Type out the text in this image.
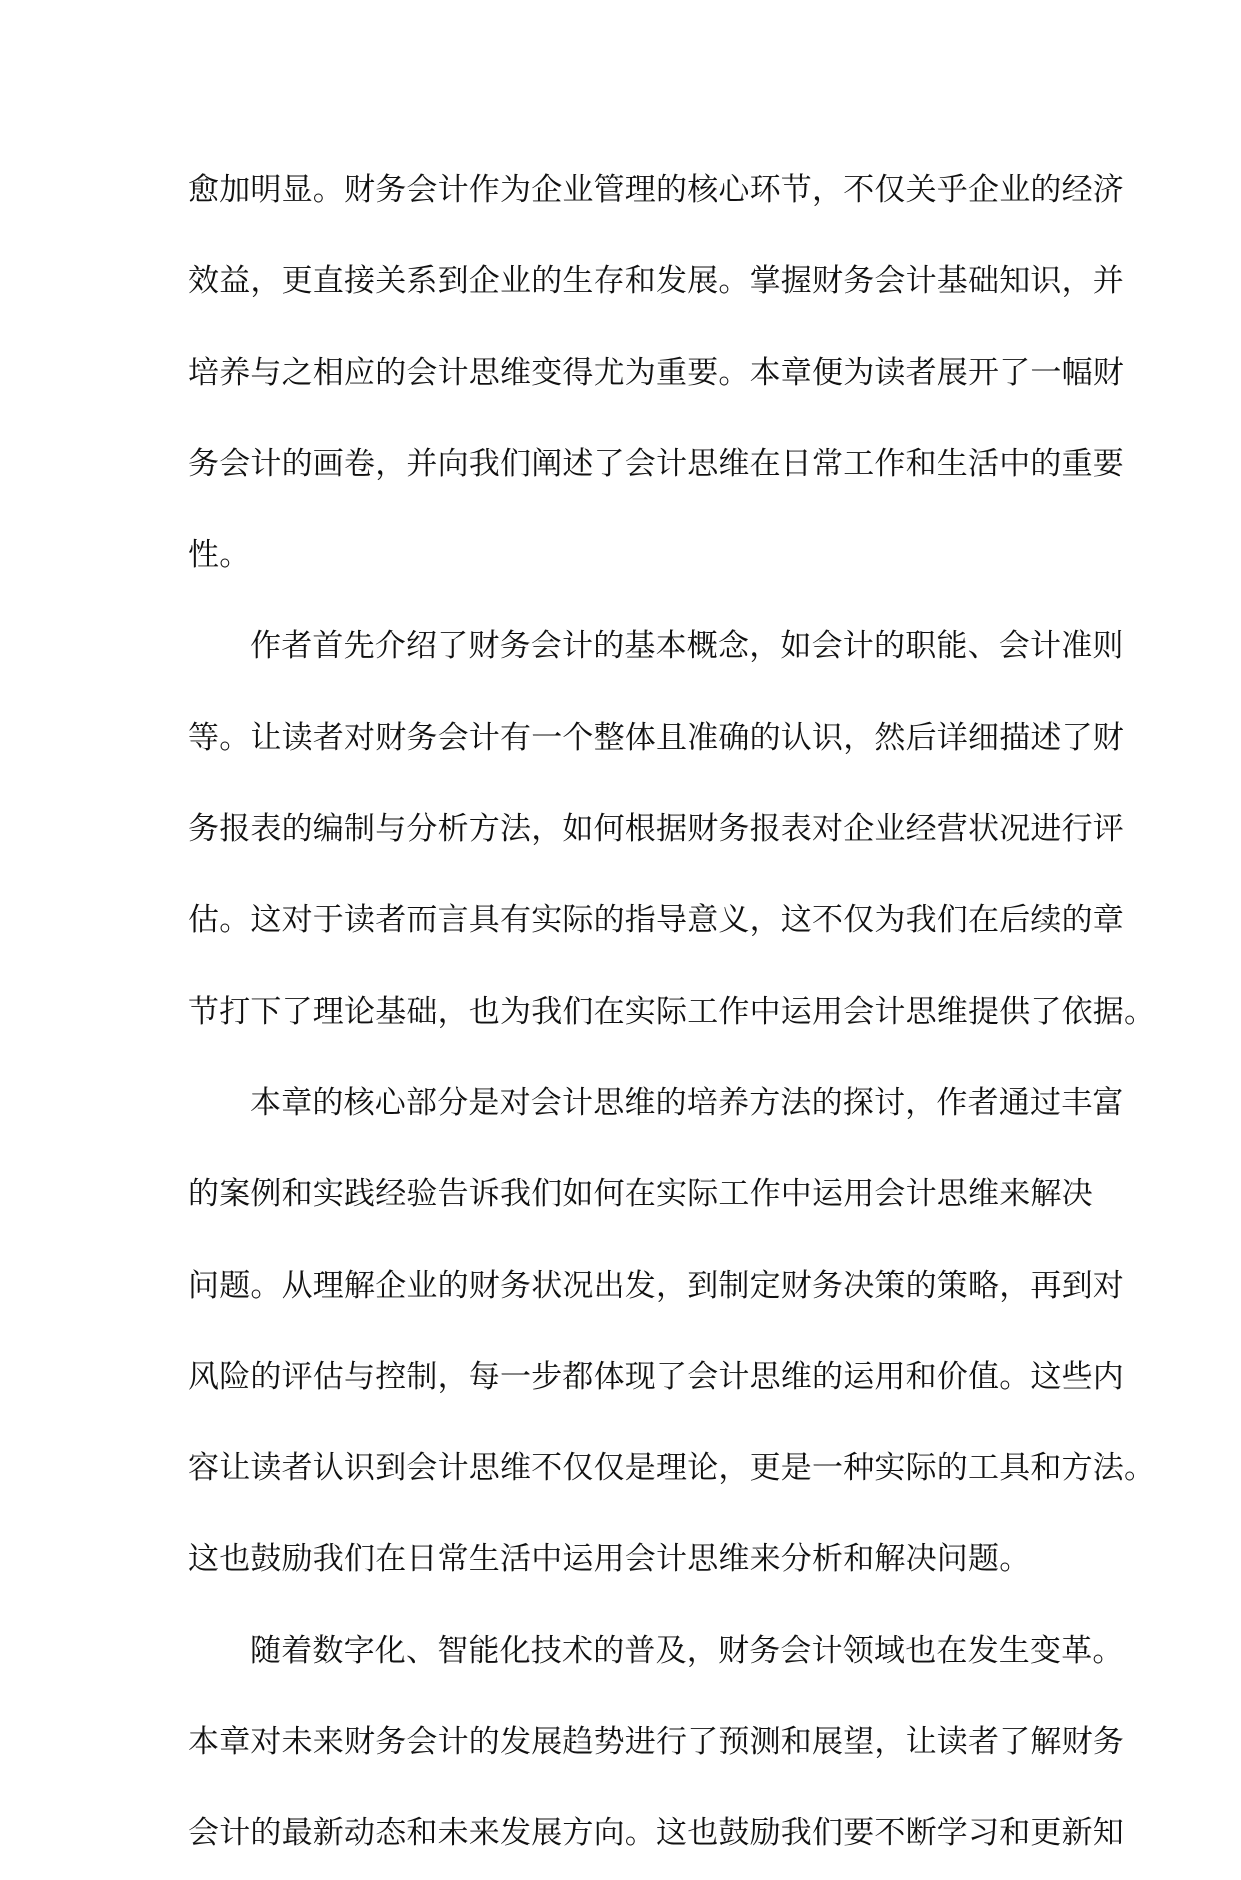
愈加明显。财务会计作为企业管理的核心环节，不仅关乎企业的经济
效益，更直接关系到企业的生存和发展。掌握财务会计基础知识，并
培养与之相应的会计思维变得尤为重要。本章便为读者展开了一幅财
务会计的画卷，并向我们阐述了会计思维在日常工作和生活中的重要
性。
作者首先介绍了财务会计的基本概念，如会计的职能、会计准则
等。让读者对财务会计有一个整体且准确的认识，然后详细描述了财
务报表的编制与分析方法，如何根据财务报表对企业经营状况进行评
估。这对于读者而言具有实际的指导意义，这不仅为我们在后续的章
节打下了理论基础，也为我们在实际工作中运用会计思维提供了依据。
本章的核心部分是对会计思维的培养方法的探讨，作者通过丰富
的案例和实践经验告诉我们如何在实际工作中运用会计思维来解决
问题。从理解企业的财务状况出发，到制定财务决策的策略，再到对
风险的评估与控制，每一步都体现了会计思维的运用和价值。这些内
容让读者认识到会计思维不仅仅是理论，更是一种实际的工具和方法。
这也鼓励我们在日常生活中运用会计思维来分析和解决问题。
随着数字化、智能化技术的普及，财务会计领域也在发生变革。
本章对未来财务会计的发展趋势进行了预测和展望，让读者了解财务
会计的最新动态和未来发展方向。这也鼓励我们要不断学习和更新知
